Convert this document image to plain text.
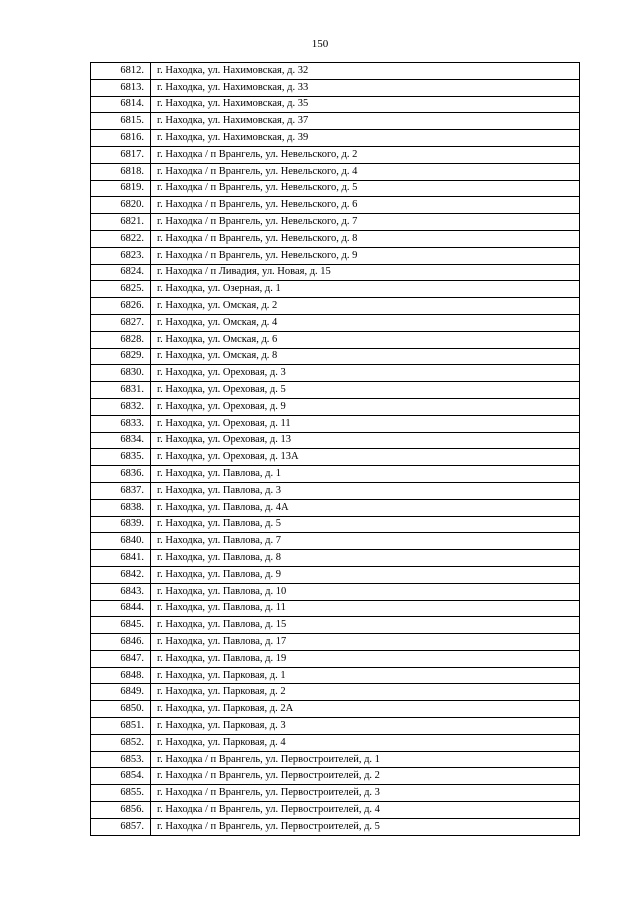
150
6812.	г. Находка, ул. Нахимовская, д. 32
6813.	г. Находка, ул. Нахимовская, д. 33
6814.	г. Находка, ул. Нахимовская, д. 35
6815.	г. Находка, ул. Нахимовская, д. 37
6816.	г. Находка, ул. Нахимовская, д. 39
6817.	г. Находка / п Врангель, ул. Невельского, д. 2
6818.	г. Находка / п Врангель, ул. Невельского, д. 4
6819.	г. Находка / п Врангель, ул. Невельского, д. 5
6820.	г. Находка / п Врангель, ул. Невельского, д. 6
6821.	г. Находка / п Врангель, ул. Невельского, д. 7
6822.	г. Находка / п Врангель, ул. Невельского, д. 8
6823.	г. Находка / п Врангель, ул. Невельского, д. 9
6824.	г. Находка / п Ливадия, ул. Новая, д. 15
6825.	г. Находка, ул. Озерная, д. 1
6826.	г. Находка, ул. Омская, д. 2
6827.	г. Находка, ул. Омская, д. 4
6828.	г. Находка, ул. Омская, д. 6
6829.	г. Находка, ул. Омская, д. 8
6830.	г. Находка, ул. Ореховая, д. 3
6831.	г. Находка, ул. Ореховая, д. 5
6832.	г. Находка, ул. Ореховая, д. 9
6833.	г. Находка, ул. Ореховая, д. 11
6834.	г. Находка, ул. Ореховая, д. 13
6835.	г. Находка, ул. Ореховая, д. 13А
6836.	г. Находка, ул. Павлова, д. 1
6837.	г. Находка, ул. Павлова, д. 3
6838.	г. Находка, ул. Павлова, д. 4А
6839.	г. Находка, ул. Павлова, д. 5
6840.	г. Находка, ул. Павлова, д. 7
6841.	г. Находка, ул. Павлова, д. 8
6842.	г. Находка, ул. Павлова, д. 9
6843.	г. Находка, ул. Павлова, д. 10
6844.	г. Находка, ул. Павлова, д. 11
6845.	г. Находка, ул. Павлова, д. 15
6846.	г. Находка, ул. Павлова, д. 17
6847.	г. Находка, ул. Павлова, д. 19
6848.	г. Находка, ул. Парковая, д. 1
6849.	г. Находка, ул. Парковая, д. 2
6850.	г. Находка, ул. Парковая, д. 2А
6851.	г. Находка, ул. Парковая, д. 3
6852.	г. Находка, ул. Парковая, д. 4
6853.	г. Находка / п Врангель, ул. Первостроителей, д. 1
6854.	г. Находка / п Врангель, ул. Первостроителей, д. 2
6855.	г. Находка / п Врангель, ул. Первостроителей, д. 3
6856.	г. Находка / п Врангель, ул. Первостроителей, д. 4
6857.	г. Находка / п Врангель, ул. Первостроителей, д. 5
